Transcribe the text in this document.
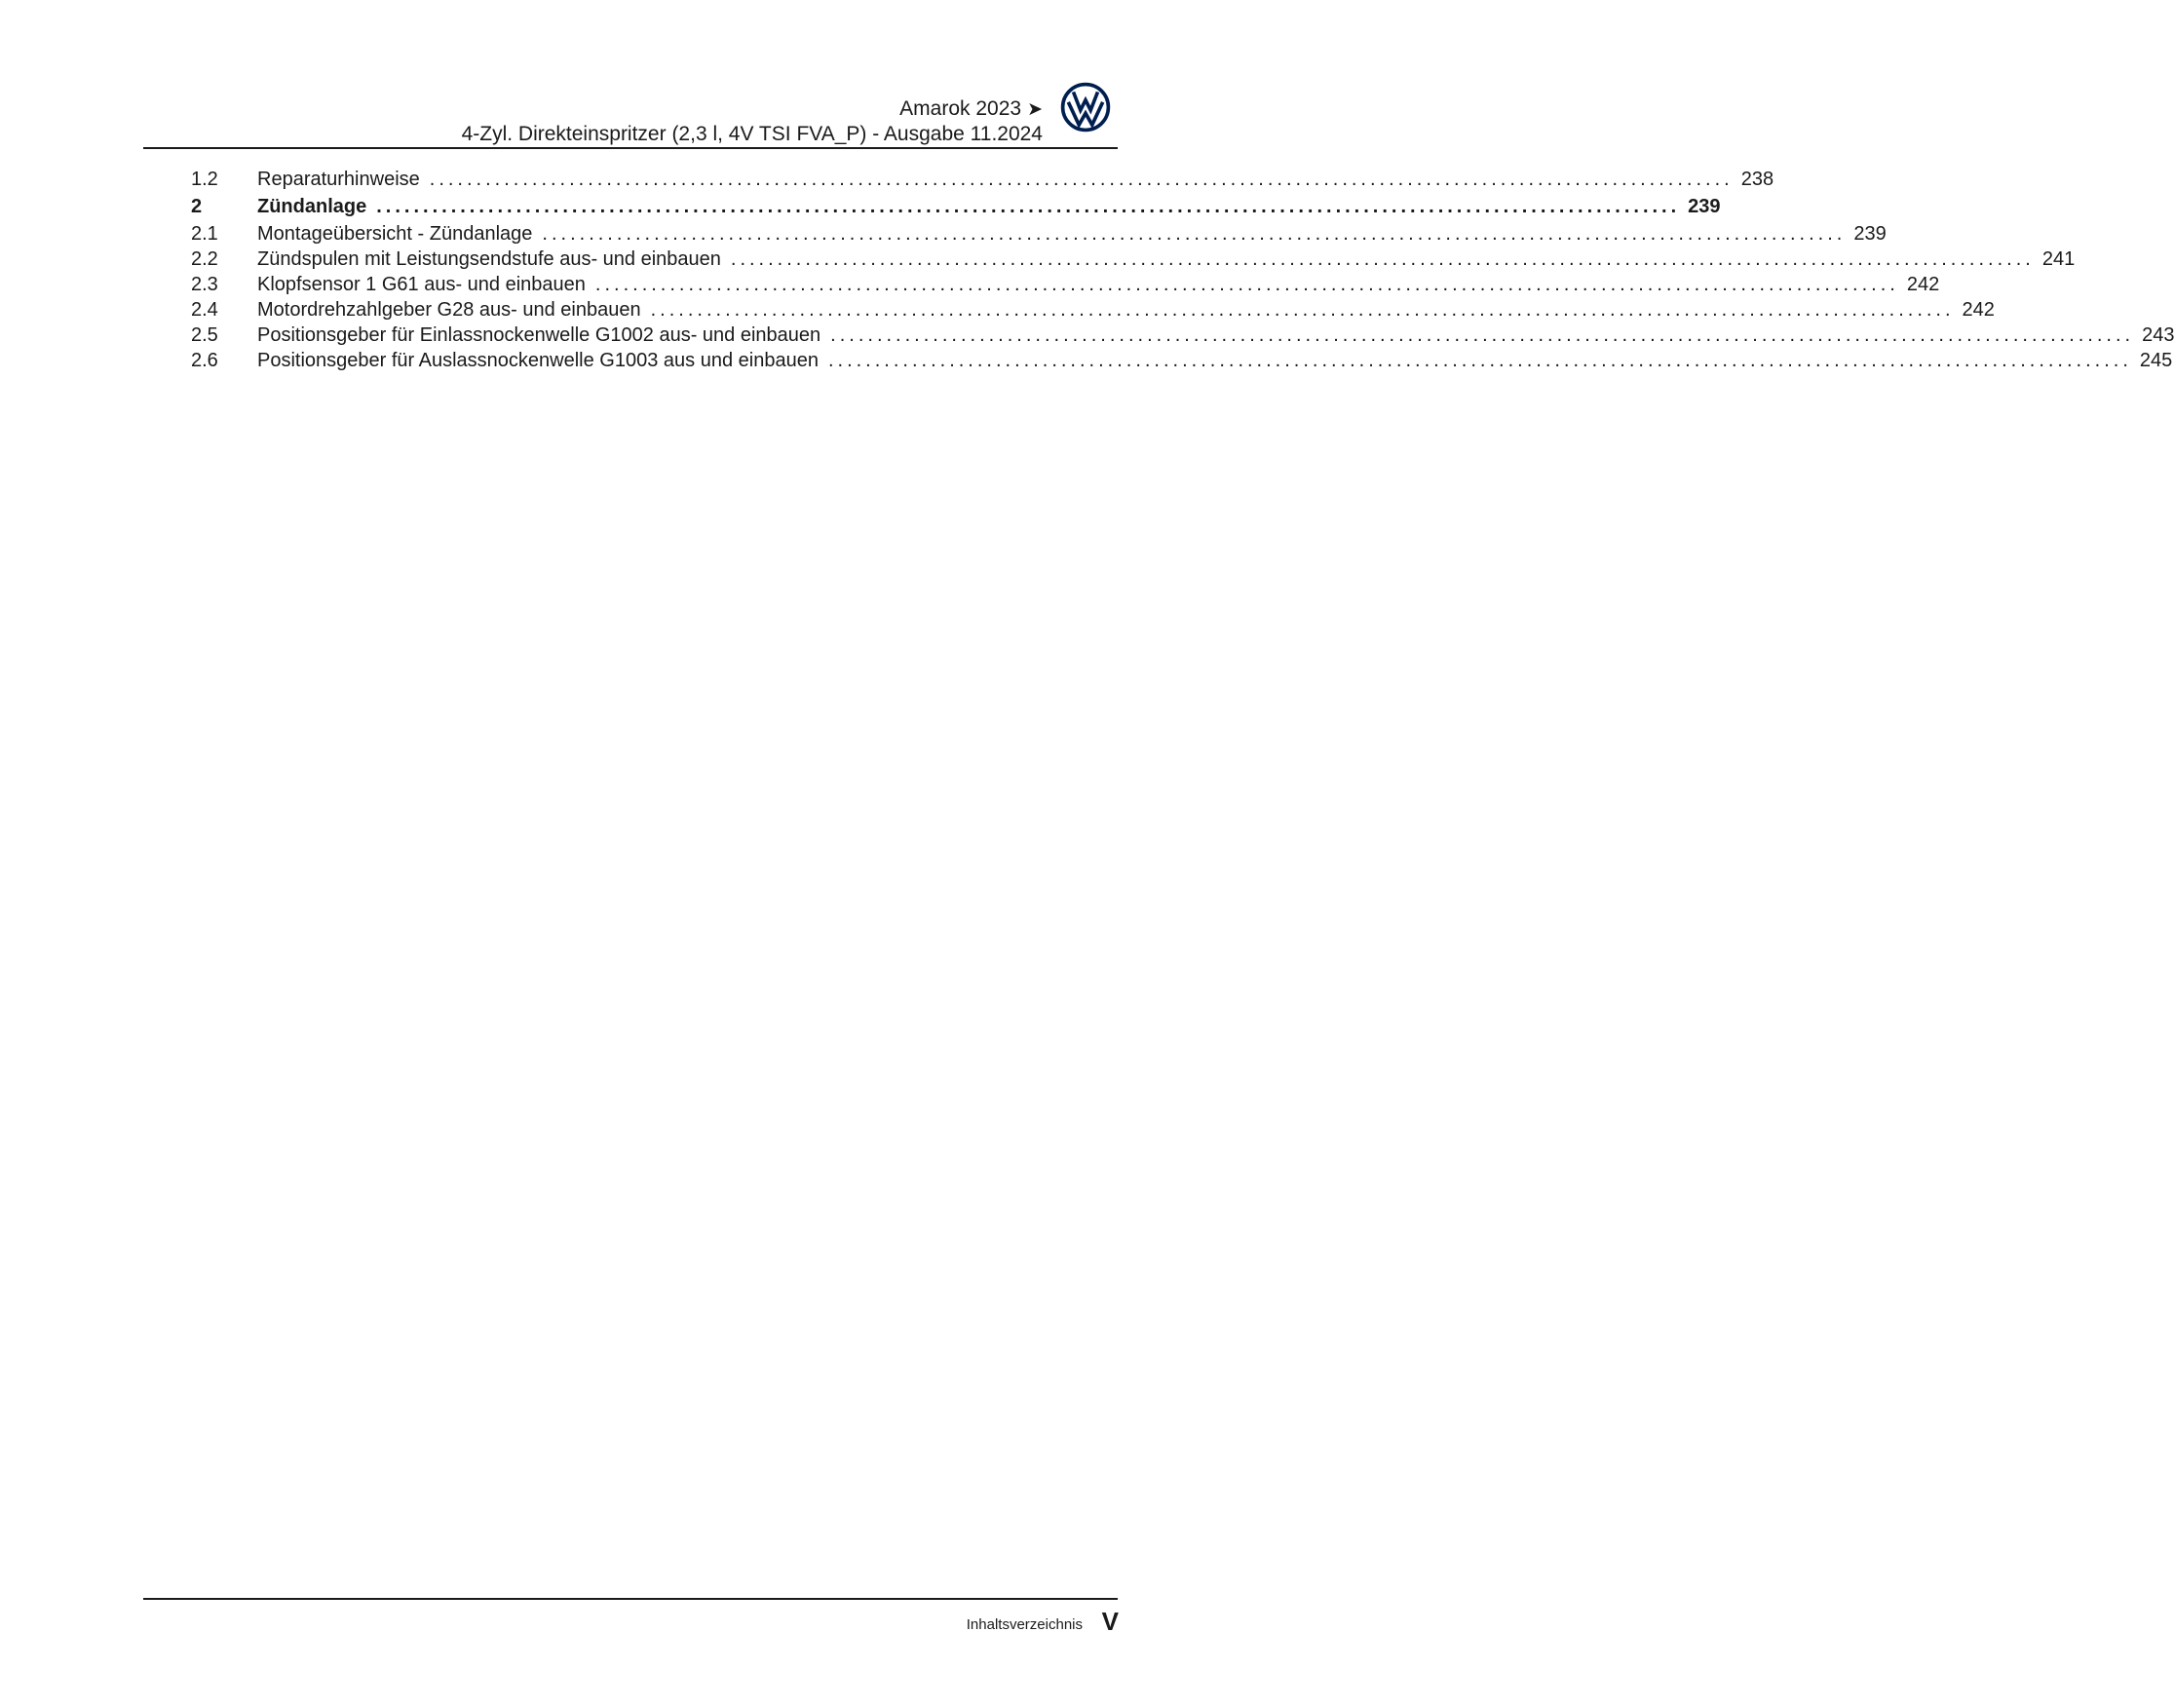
Amarok 2023 ➤
4-Zyl. Direkteinspritzer (2,3 l, 4V TSI FVA_P) - Ausgabe 11.2024
1.2	Reparaturhinweise ............................................................................................................................................ 238
2	Zündanlage ............................................................................................................................................ 239
2.1	Montageübersicht - Zündanlage ............................................................................................................................................ 239
2.2	Zündspulen mit Leistungsendstufe aus- und einbauen ............................................................................................................................................ 241
2.3	Klopfsensor 1 G61 aus- und einbauen ............................................................................................................................................ 242
2.4	Motordrehzahlgeber G28 aus- und einbauen ............................................................................................................................................ 242
2.5	Positionsgeber für Einlassnockenwelle G1002 aus- und einbauen ............................................................................................................................................ 243
2.6	Positionsgeber für Auslassnockenwelle G1003 aus und einbauen ............................................................................................................................................ 245
Inhaltsverzeichnis V
